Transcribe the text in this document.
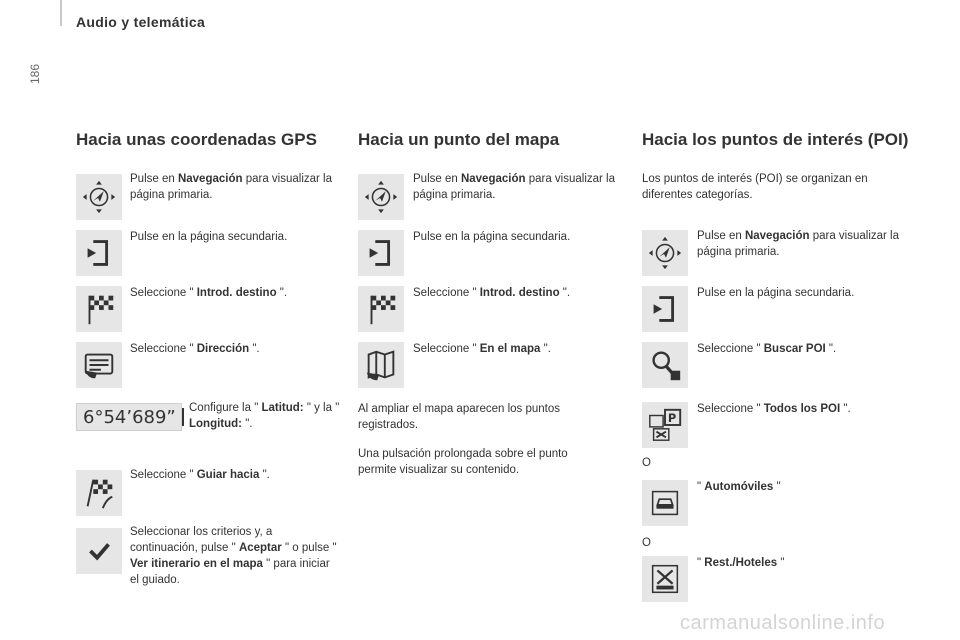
Audio y telemática
186
Hacia unas coordenadas GPS
Pulse en Navegación para visualizar la página primaria.
Pulse en la página secundaria.
Seleccione " Introd. destino ".
Seleccione " Dirección ".
6°54’689” Configure la " Latitud: " y la " Longitud: ".
Seleccione " Guiar hacia ".
Seleccionar los criterios y, a continuación, pulse " Aceptar " o pulse " Ver itinerario en el mapa " para iniciar el guiado.
Hacia un punto del mapa
Pulse en Navegación para visualizar la página primaria.
Pulse en la página secundaria.
Seleccione " Introd. destino ".
Seleccione " En el mapa ".
Al ampliar el mapa aparecen los puntos registrados.
Una pulsación prolongada sobre el punto permite visualizar su contenido.
Hacia los puntos de interés (POI)
Los puntos de interés (POI) se organizan en diferentes categorías.
Pulse en Navegación para visualizar la página primaria.
Pulse en la página secundaria.
Seleccione " Buscar POI ".
P
Seleccione " Todos los POI ".
O
" Automóviles "
O
" Rest./Hoteles "
carmanualsonline.info
